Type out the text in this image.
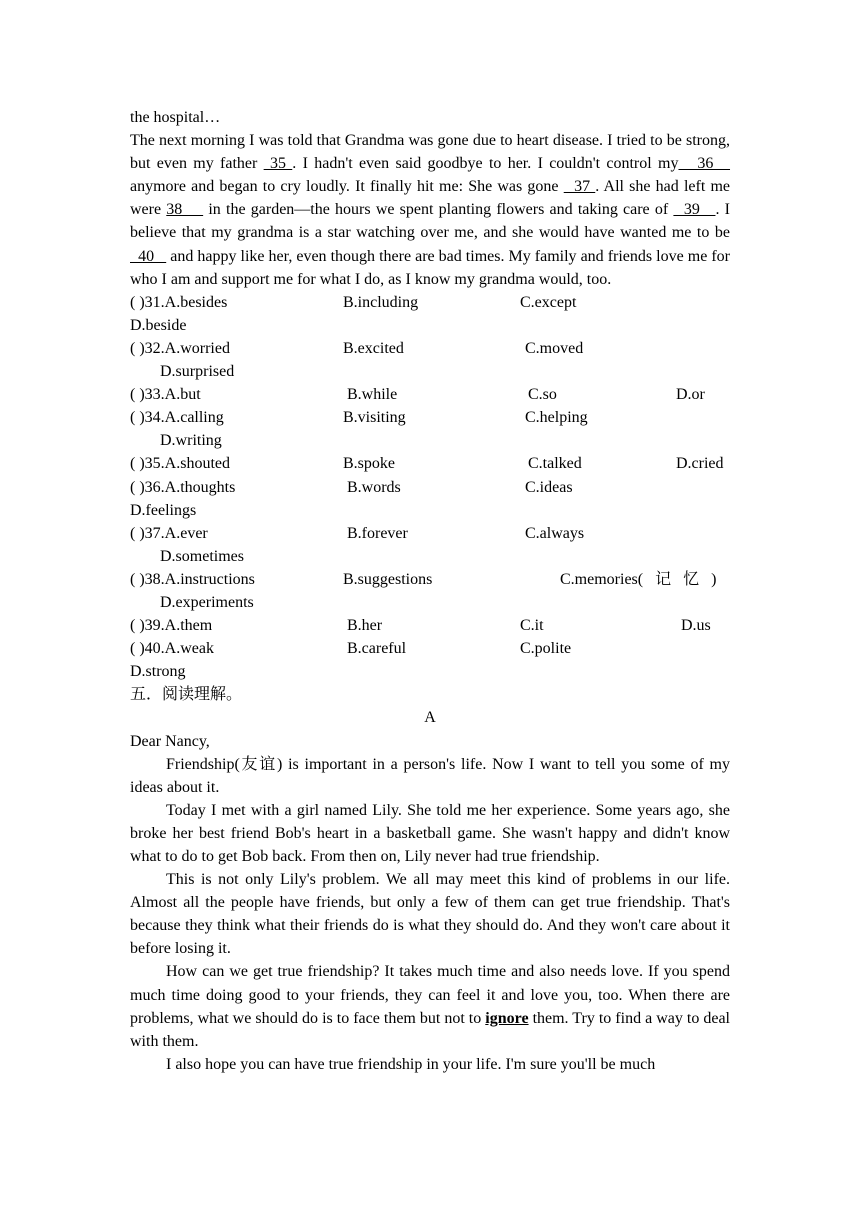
the hospital…

The next morning I was told that Grandma was gone due to heart disease. I tried to be strong, but even my father  35 . I hadn't even said goodbye to her. I couldn't control my   36    anymore and began to cry loudly. It finally hit me: She was gone   37 . All she had left me were 38     in the garden—the hours we spent planting flowers and taking care of   39   . I believe that my grandma is a star watching over me, and she would have wanted me to be   40    and happy like her, even though there are bad times. My family and friends love me for who I am and support me for what I do, as I know my grandma would, too.

( )31.A.besides	B.including	C.except
D.beside
( )32.A.worried	B.excited	C.moved
D.surprised
( )33.A.but	B.while	C.so	D.or
( )34.A.calling	B.visiting	C.helping
D.writing
( )35.A.shouted	B.spoke	C.talked	D.cried
( )36.A.thoughts	B.words	C.ideas
D.feelings
( )37.A.ever	B.forever	C.always
D.sometimes
( )38.A.instructions	B.suggestions	C.memories(   记   忆   )
D.experiments
( )39.A.them	B.her	C.it	D.us
( )40.A.weak	B.careful	C.polite
D.strong

五．阅读理解。

A

Dear Nancy,

Friendship(友谊) is important in a person's life. Now I want to tell you some of my ideas about it.

Today I met with a girl named Lily. She told me her experience. Some years ago, she broke her best friend Bob's heart in a basketball game. She wasn't happy and didn't know what to do to get Bob back. From then on, Lily never had true friendship.

This is not only Lily's problem. We all may meet this kind of problems in our life. Almost all the people have friends, but only a few of them can get true friendship. That's because they think what their friends do is what they should do. And they won't care about it before losing it.

How can we get true friendship? It takes much time and also needs love. If you spend much time doing good to your friends, they can feel it and love you, too. When there are problems, what we should do is to face them but not to ignore them. Try to find a way to deal with them.

I also hope you can have true friendship in your life. I'm sure you'll be much
